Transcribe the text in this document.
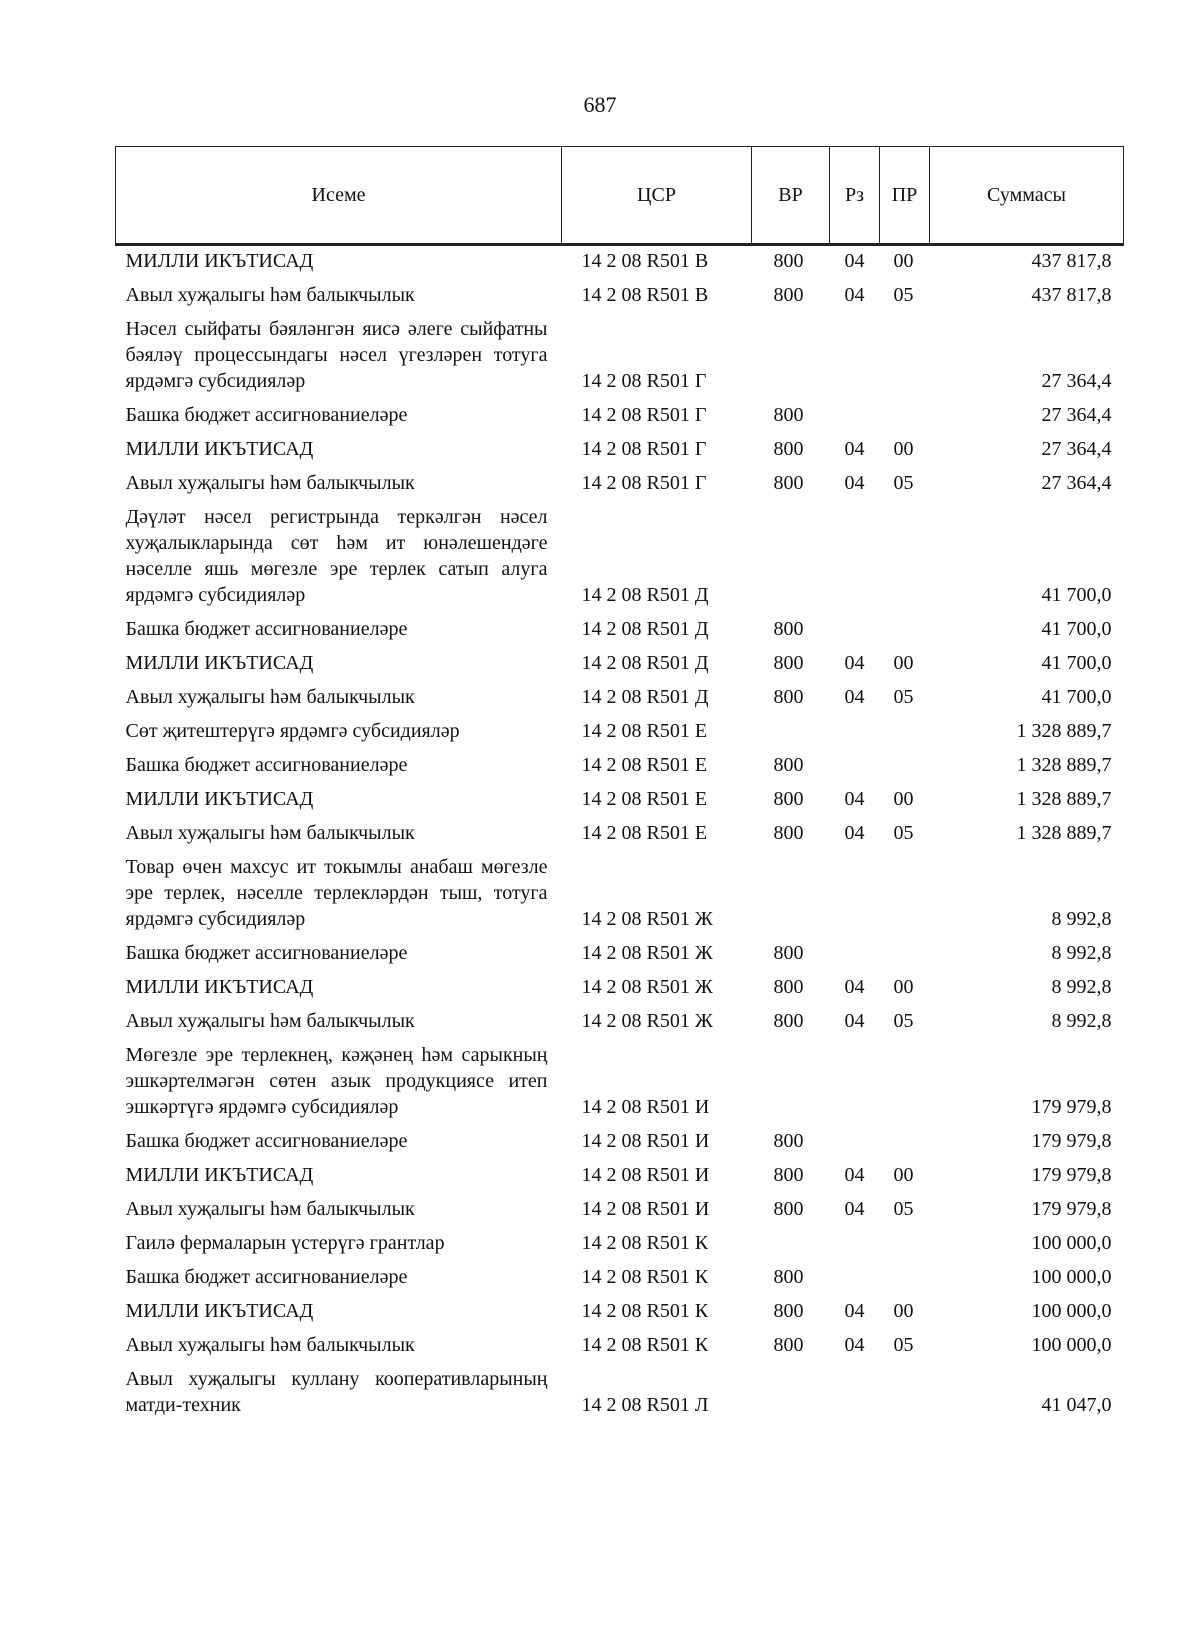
687
Исеме	ЦСР	ВР	Рз	ПР	Суммасы
МИЛЛИ ИКЪТИСАД	14 2 08 R501 В	800	04	00	437 817,8
Авыл хуҗалыгы һәм балыкчылык	14 2 08 R501 В	800	04	05	437 817,8
Нәсел сыйфаты бәяләнгән яисә әлеге сыйфатны бәяләү процессындагы нәсел үгезләрен тотуга ярдәмгә субсидияләр	14 2 08 R501 Г				27 364,4
Башка бюджет ассигнованиеләре	14 2 08 R501 Г	800			27 364,4
МИЛЛИ ИКЪТИСАД	14 2 08 R501 Г	800	04	00	27 364,4
Авыл хуҗалыгы һәм балыкчылык	14 2 08 R501 Г	800	04	05	27 364,4
Дәүләт нәсел регистрында теркәлгән нәсел хуҗалыкларында сөт һәм ит юнәлешендәге нәселле яшь мөгезле эре терлек сатып алуга ярдәмгә субсидияләр	14 2 08 R501 Д				41 700,0
Башка бюджет ассигнованиеләре	14 2 08 R501 Д	800			41 700,0
МИЛЛИ ИКЪТИСАД	14 2 08 R501 Д	800	04	00	41 700,0
Авыл хуҗалыгы һәм балыкчылык	14 2 08 R501 Д	800	04	05	41 700,0
Сөт җитештерүгә ярдәмгә субсидияләр	14 2 08 R501 Е				1 328 889,7
Башка бюджет ассигнованиеләре	14 2 08 R501 Е	800			1 328 889,7
МИЛЛИ ИКЪТИСАД	14 2 08 R501 Е	800	04	00	1 328 889,7
Авыл хуҗалыгы һәм балыкчылык	14 2 08 R501 Е	800	04	05	1 328 889,7
Товар өчен махсус ит токымлы анабаш мөгезле эре терлек, нәселле терлекләрдән тыш, тотуга ярдәмгә субсидияләр	14 2 08 R501 Ж				8 992,8
Башка бюджет ассигнованиеләре	14 2 08 R501 Ж	800			8 992,8
МИЛЛИ ИКЪТИСАД	14 2 08 R501 Ж	800	04	00	8 992,8
Авыл хуҗалыгы һәм балыкчылык	14 2 08 R501 Ж	800	04	05	8 992,8
Мөгезле эре терлекнең, кәҗәнең һәм сарыкның эшкәртелмәгән сөтен азык продукциясе итеп эшкәртүгә ярдәмгә субсидияләр	14 2 08 R501 И				179 979,8
Башка бюджет ассигнованиеләре	14 2 08 R501 И	800			179 979,8
МИЛЛИ ИКЪТИСАД	14 2 08 R501 И	800	04	00	179 979,8
Авыл хуҗалыгы һәм балыкчылык	14 2 08 R501 И	800	04	05	179 979,8
Гаилә фермаларын үстерүгә грантлар	14 2 08 R501 К				100 000,0
Башка бюджет ассигнованиеләре	14 2 08 R501 К	800			100 000,0
МИЛЛИ ИКЪТИСАД	14 2 08 R501 К	800	04	00	100 000,0
Авыл хуҗалыгы һәм балыкчылык	14 2 08 R501 К	800	04	05	100 000,0
Авыл хуҗалыгы куллану кооперативларының матди-техник	14 2 08 R501 Л				41 047,0
